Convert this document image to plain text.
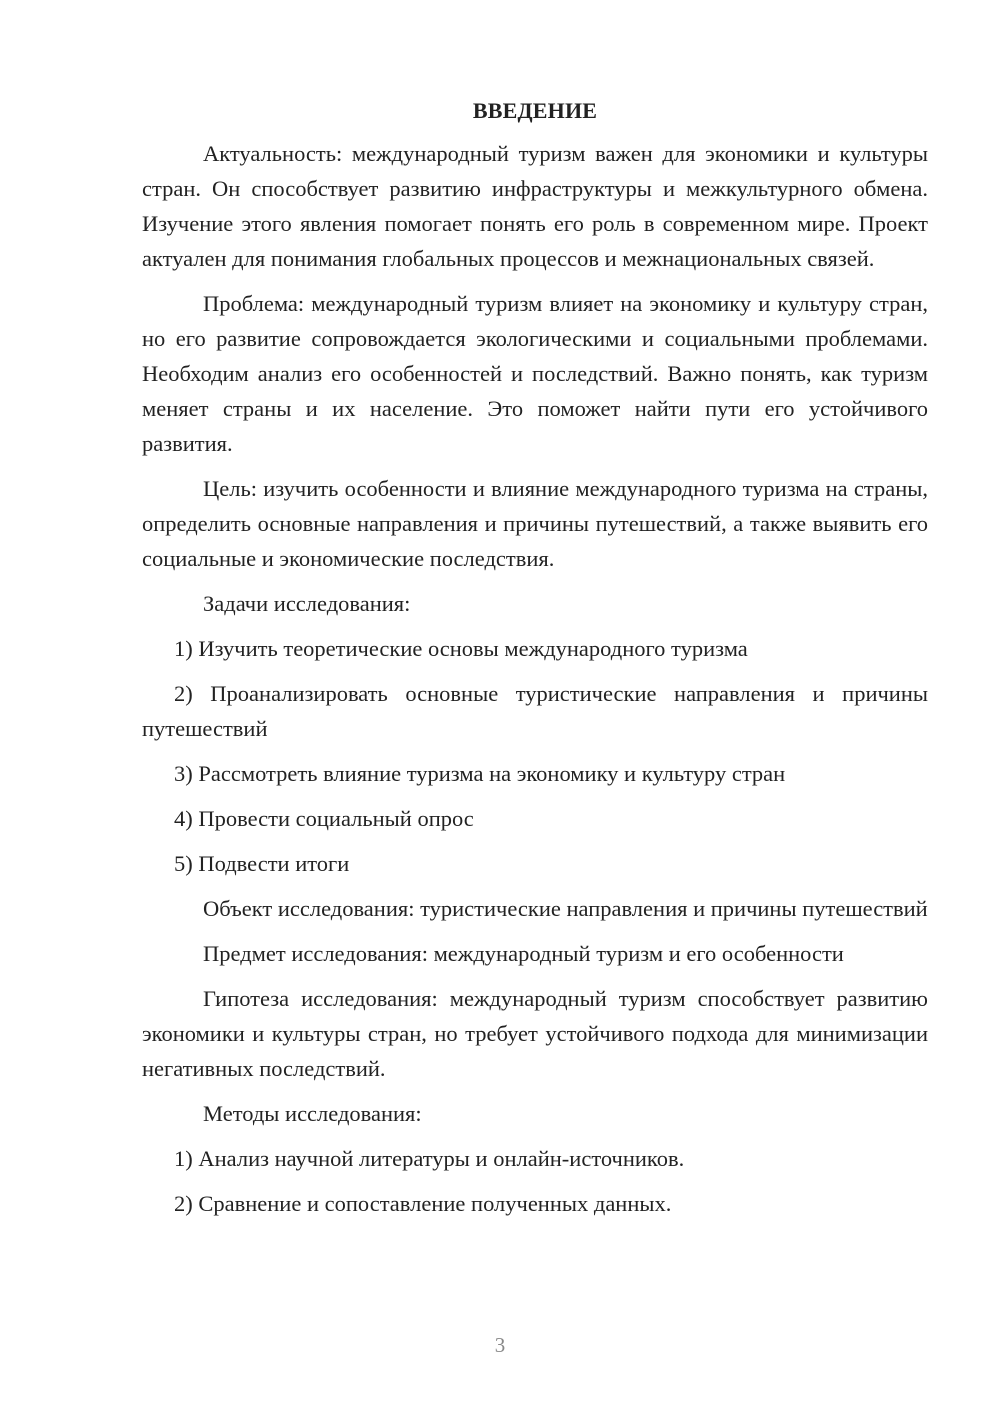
ВВЕДЕНИЕ

Актуальность: международный туризм важен для экономики и культуры стран. Он способствует развитию инфраструктуры и межкультурного обмена. Изучение этого явления помогает понять его роль в современном мире. Проект актуален для понимания глобальных процессов и межнациональных связей.

Проблема: международный туризм влияет на экономику и культуру стран, но его развитие сопровождается экологическими и социальными проблемами. Необходим анализ его особенностей и последствий. Важно понять, как туризм меняет страны и их население. Это поможет найти пути его устойчивого развития.

Цель: изучить особенности и влияние международного туризма на страны, определить основные направления и причины путешествий, а также выявить его социальные и экономические последствия.

Задачи исследования:

1) Изучить теоретические основы международного туризма

2) Проанализировать основные туристические направления и причины путешествий

3) Рассмотреть влияние туризма на экономику и культуру стран

4) Провести социальный опрос

5) Подвести итоги

Объект исследования: туристические направления и причины путешествий

Предмет исследования: международный туризм и его особенности

Гипотеза исследования: международный туризм способствует развитию экономики и культуры стран, но требует устойчивого подхода для минимизации негативных последствий.

Методы исследования:

1) Анализ научной литературы и онлайн-источников.

2) Сравнение и сопоставление полученных данных.

3
